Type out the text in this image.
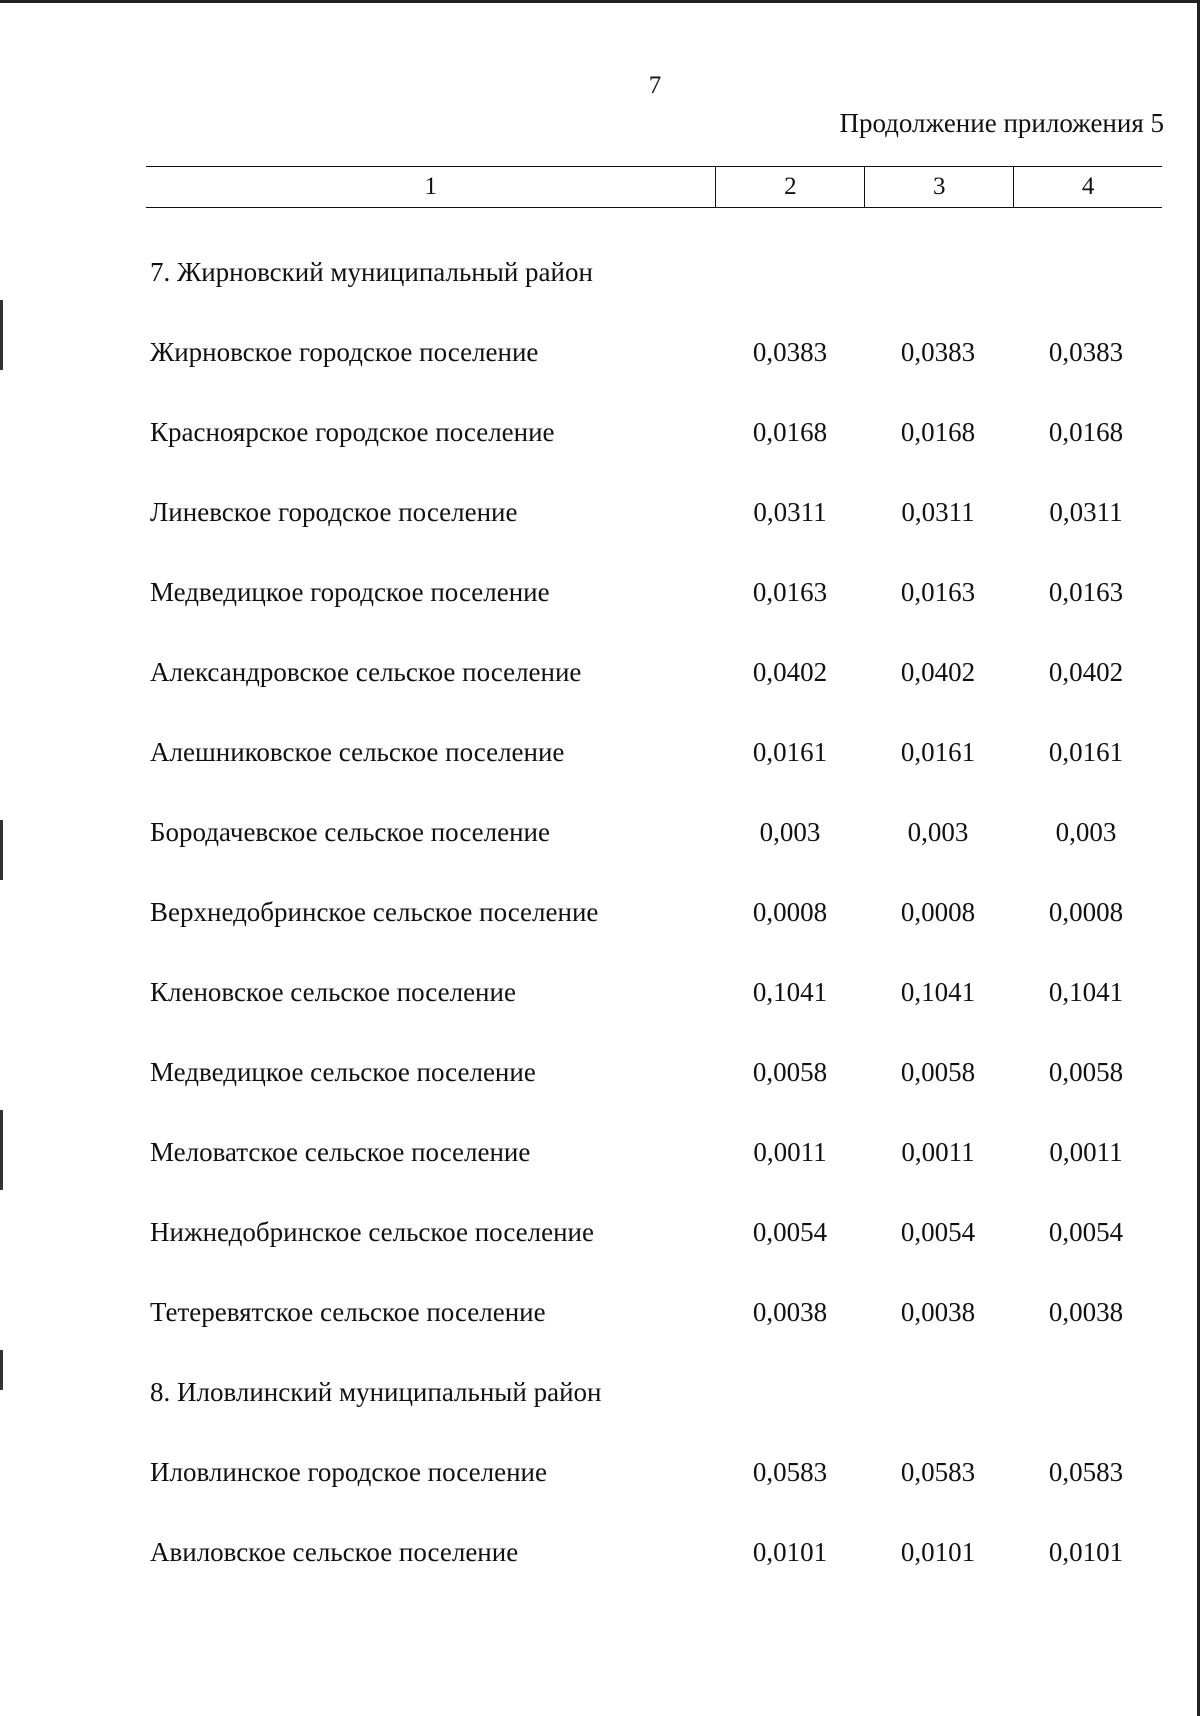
7
Продолжение приложения 5
1	2	3	4
7. Жирновский муниципальный район
Жирновское городское поселение	0,0383	0,0383	0,0383
Красноярское городское поселение	0,0168	0,0168	0,0168
Линевское городское поселение	0,0311	0,0311	0,0311
Медведицкое городское поселение	0,0163	0,0163	0,0163
Александровское сельское поселение	0,0402	0,0402	0,0402
Алешниковское сельское поселение	0,0161	0,0161	0,0161
Бородачевское сельское поселение	0,003	0,003	0,003
Верхнедобринское сельское поселение	0,0008	0,0008	0,0008
Кленовское сельское поселение	0,1041	0,1041	0,1041
Медведицкое сельское поселение	0,0058	0,0058	0,0058
Меловатское сельское поселение	0,0011	0,0011	0,0011
Нижнедобринское сельское поселение	0,0054	0,0054	0,0054
Тетеревятское сельское поселение	0,0038	0,0038	0,0038
8. Иловлинский муниципальный район
Иловлинское городское поселение	0,0583	0,0583	0,0583
Авиловское сельское поселение	0,0101	0,0101	0,0101
